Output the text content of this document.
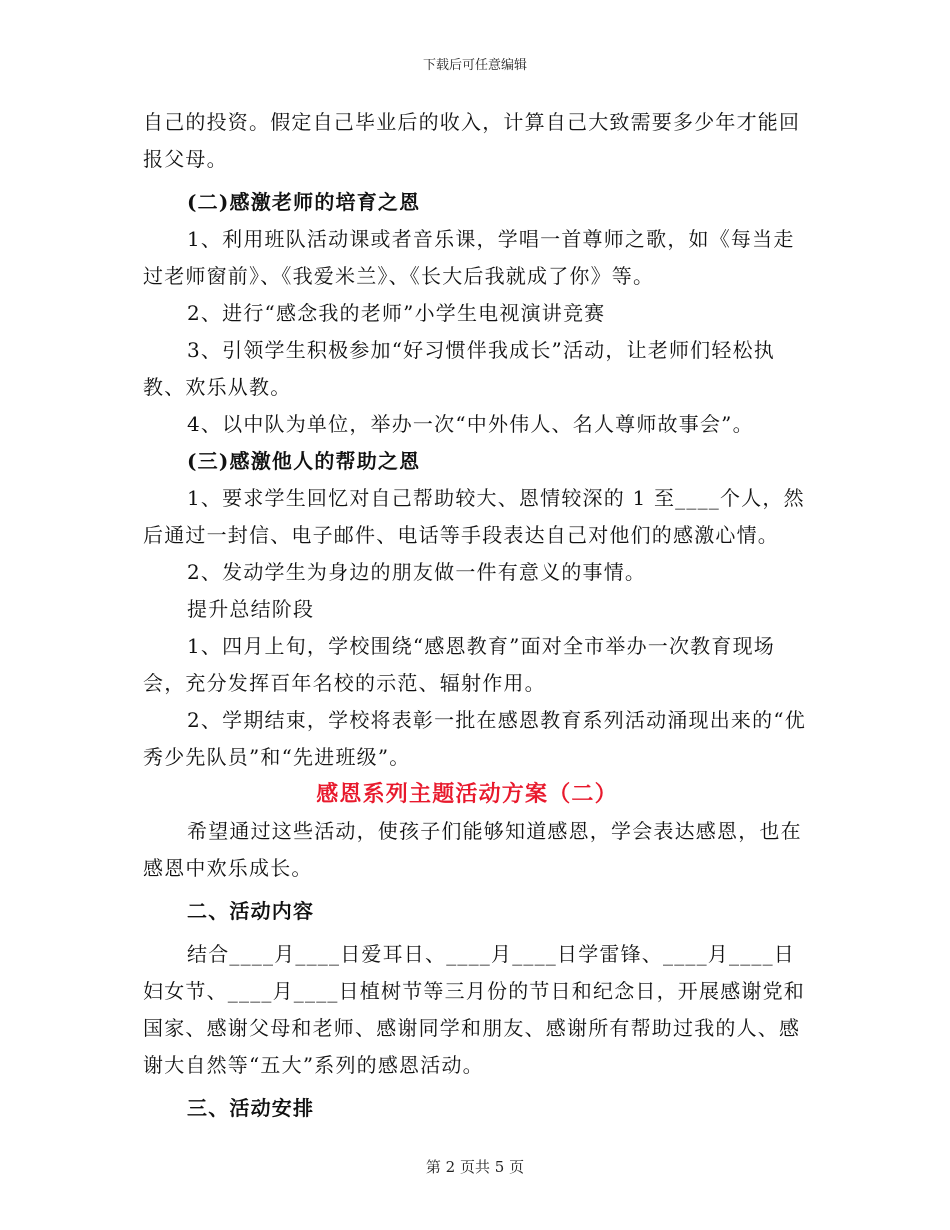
下载后可任意编辑

自己的投资。假定自己毕业后的收入，计算自己大致需要多少年才能回报父母。

(二)感激老师的培育之恩

1、利用班队活动课或者音乐课，学唱一首尊师之歌，如《每当走过老师窗前》、《我爱米兰》、《长大后我就成了你》等。

2、进行“感念我的老师”小学生电视演讲竞赛

3、引领学生积极参加“好习惯伴我成长”活动，让老师们轻松执教、欢乐从教。

4、以中队为单位，举办一次“中外伟人、名人尊师故事会”。

(三)感激他人的帮助之恩

1、要求学生回忆对自己帮助较大、恩情较深的 1 至____个人，然后通过一封信、电子邮件、电话等手段表达自己对他们的感激心情。

2、发动学生为身边的朋友做一件有意义的事情。

提升总结阶段

1、四月上旬，学校围绕“感恩教育”面对全市举办一次教育现场会，充分发挥百年名校的示范、辐射作用。

2、学期结束，学校将表彰一批在感恩教育系列活动涌现出来的“优秀少先队员”和“先进班级”。

感恩系列主题活动方案（二）

希望通过这些活动，使孩子们能够知道感恩，学会表达感恩，也在感恩中欢乐成长。

二、活动内容

结合____月____日爱耳日、____月____日学雷锋、____月____日妇女节、____月____日植树节等三月份的节日和纪念日，开展感谢党和国家、感谢父母和老师、感谢同学和朋友、感谢所有帮助过我的人、感谢大自然等“五大”系列的感恩活动。

三、活动安排

第 2 页共 5 页
